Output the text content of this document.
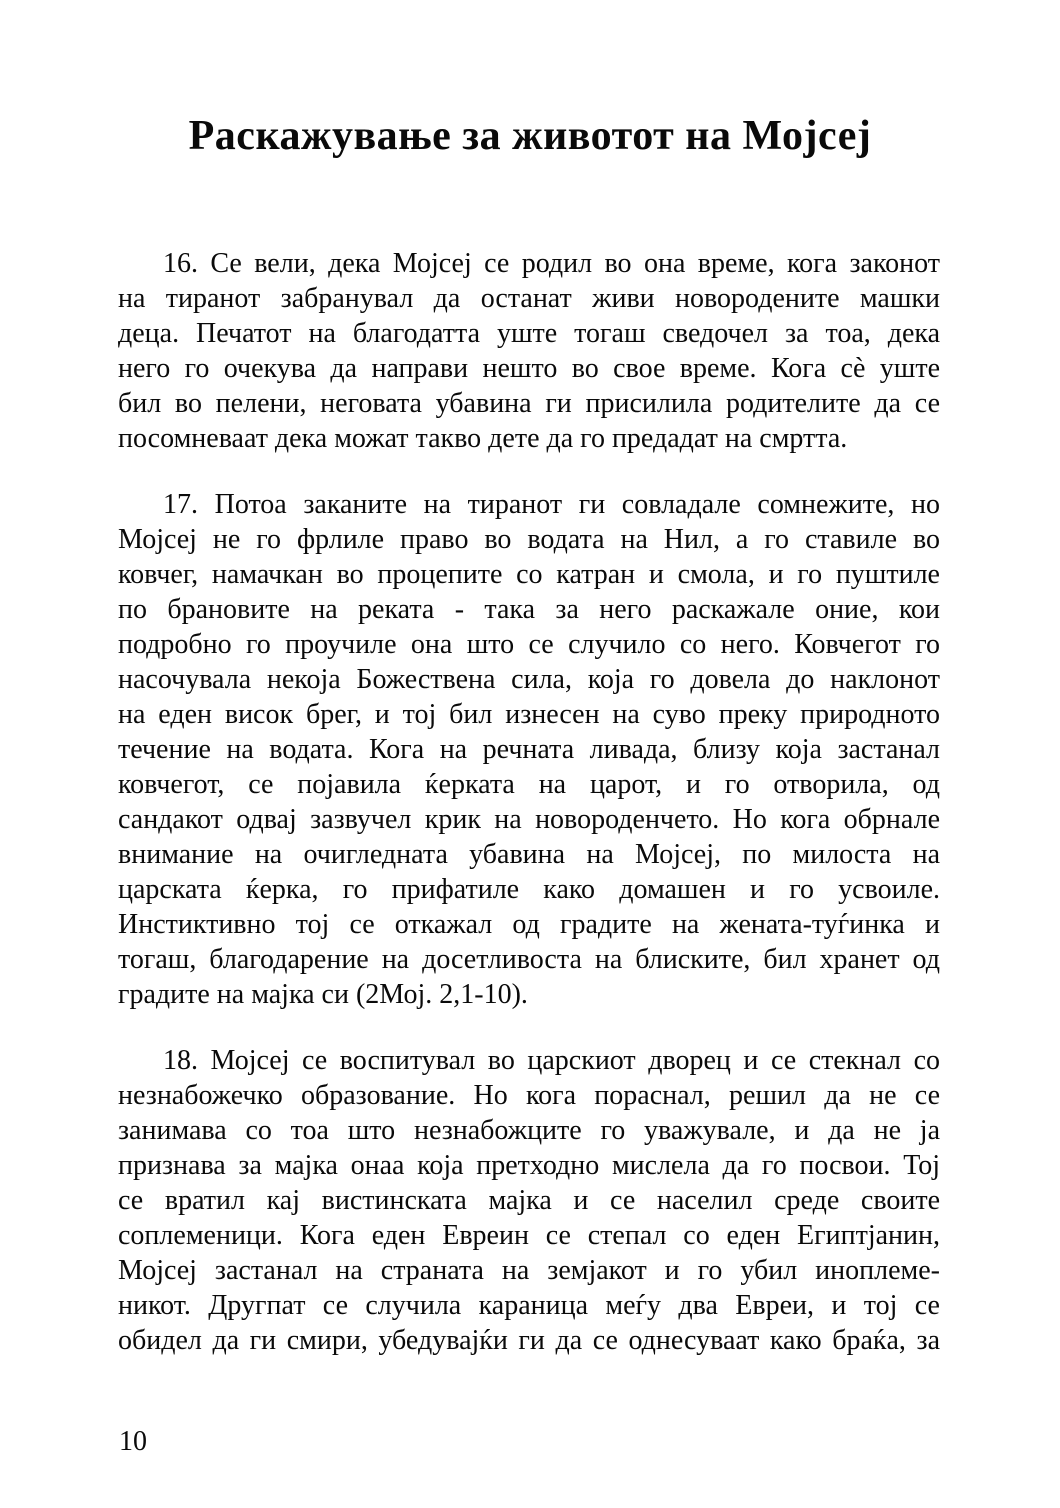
Раскажување за животот на Мојсеј
16. Се вели, дека Мојсеј се родил во она време, кога законот
на тиранот забранувал да останат живи новородените машки
деца. Печатот на благодатта уште тогаш сведочел за тоа, дека
него го очекува да направи нешто во свое време. Кога сѐ уште
бил во пелени, неговата убавина ги присилила родителите да се
посомневаат дека можат такво дете да го предадат на смртта.
17. Потоа заканите на тиранот ги совладале сомнежите, но
Мојсеј не го фрлиле право во водата на Нил, а го ставиле во
ковчег, намачкан во процепите со катран и смола, и го пуштиле
по брановите на реката - така за него раскажале оние, кои
подробно го проучиле она што се случило со него. Ковчегот го
насочувала некоја Божествена сила, која го довела до наклонот
на еден висок брег, и тој бил изнесен на суво преку природното
течение на водата. Кога на речната ливада, близу која застанал
ковчегот, се појавила ќерката на царот, и го отворила, од
сандакот одвај зазвучел крик на новороденчето. Но кога обрнале
внимание на очигледната убавина на Мојсеј, по милоста на
царската ќерка, го прифатиле како домашен и го усвоиле.
Инстиктивно тој се откажал од градите на жената-туѓинка и
тогаш, благодарение на досетливоста на блиските, бил хранет од
градите на мајка си (2Мој. 2,1-10).
18. Мојсеј се воспитувал во царскиот дворец и се стекнал со
незнабожечко образование. Но кога пораснал, решил да не се
занимава со тоа што незнабожците го уважувале, и да не ја
признава за мајка онаа која претходно мислела да го посвои. Тој
се вратил кај вистинската мајка и се населил среде своите
соплеменици. Кога еден Евреин се степал со еден Египтјанин,
Мојсеј застанал на страната на земјакот и го убил иноплеме-
никот. Другпат се случила караница меѓу два Евреи, и тој се
обидел да ги смири, убедувајќи ги да се однесуваат како браќа, за
10
